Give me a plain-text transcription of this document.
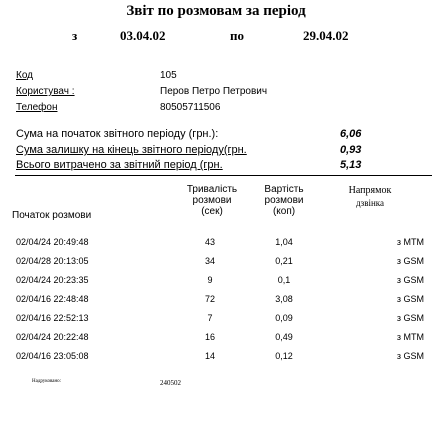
Звіт по розмовам за період
з	03.04.02	по	29.04.02
Код	105
Користувач :	Перов Петро Петрович
Телефон	80505711506
Сума на початок звітного періоду (грн.):	6,06
Сума залишку на кінець звітного періоду(грн.	0,93
Всього витрачено за звітний період (грн.	5,13
Тривалість
розмови
(сек)
Вартість
розмови
(коп)
Напрямок
дзвінка
Початок розмови
02/04/24 20:49:48	43	1,04	з МТМ
02/04/28 20:13:05	34	0,21	з GSM
02/04/24 20:23:35	9	0,1	з GSM
02/04/16 22:48:48	72	3,08	з GSM
02/04/16 22:52:13	7	0,09	з GSM
02/04/24 20:22:48	16	0,49	з МТМ
02/04/16 23:05:08	14	0,12	з GSM
Надруковано:	240502
